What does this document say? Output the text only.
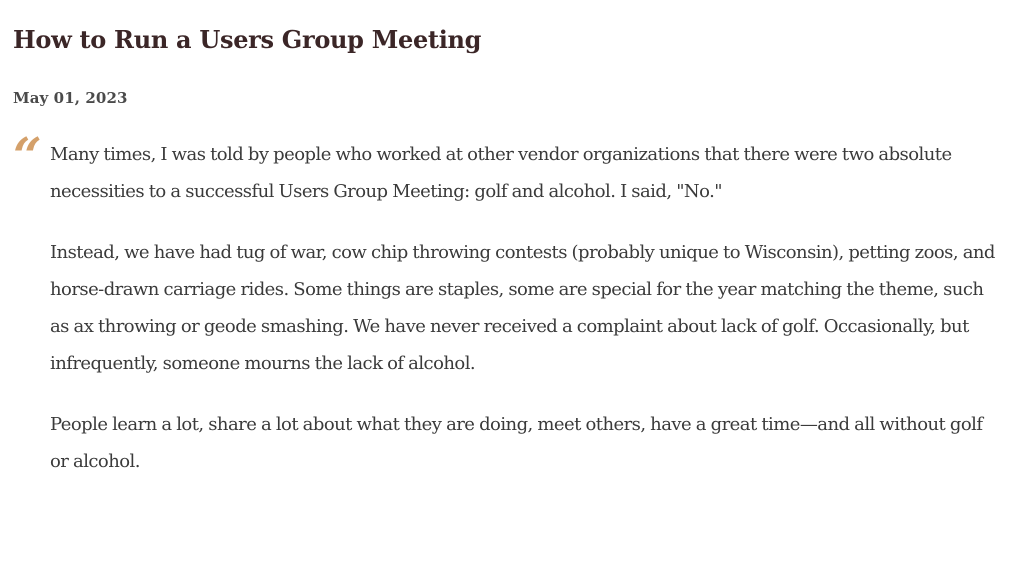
How to Run a Users Group Meeting
May 01, 2023
“ Many times, I was told by people who worked at other vendor organizations that there were two absolute necessities to a successful Users Group Meeting: golf and alcohol. I said, "No."

Instead, we have had tug of war, cow chip throwing contests (probably unique to Wisconsin), petting zoos, and horse-drawn carriage rides. Some things are staples, some are special for the year matching the theme, such as ax throwing or geode smashing. We have never received a complaint about lack of golf. Occasionally, but infrequently, someone mourns the lack of alcohol.

People learn a lot, share a lot about what they are doing, meet others, have a great time—and all without golf or alcohol.
